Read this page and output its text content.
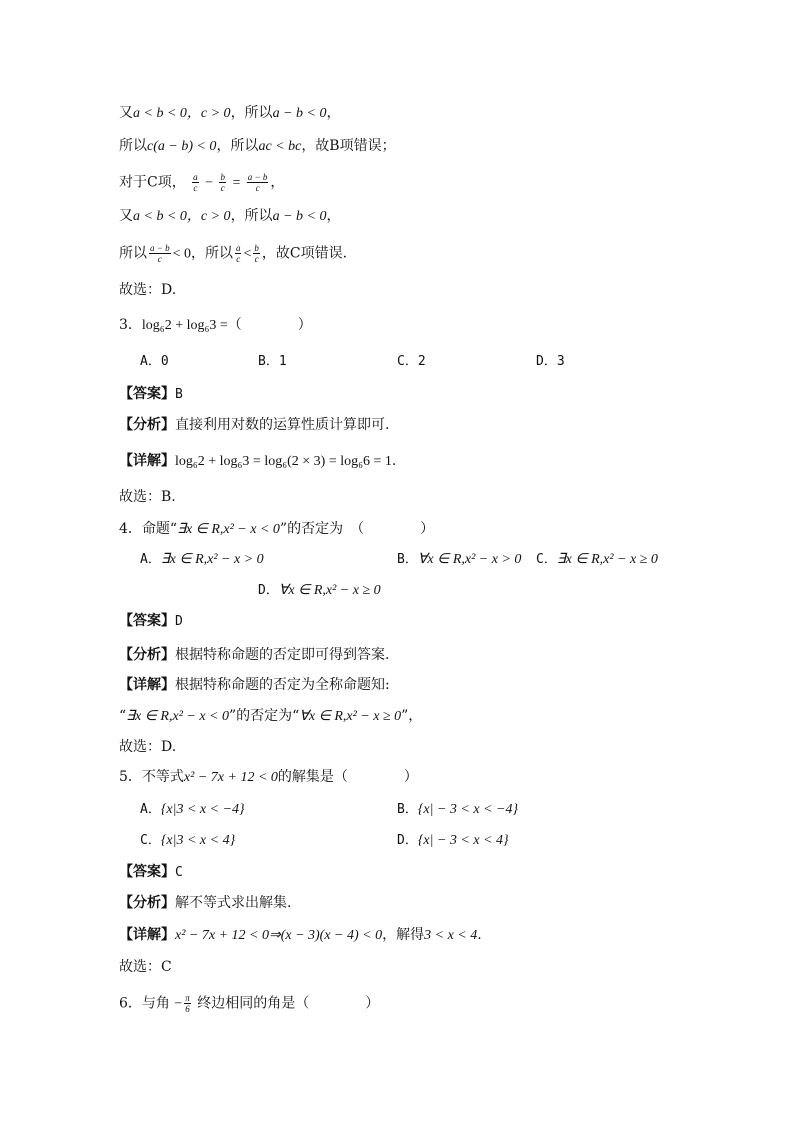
又a < b < 0，c > 0，所以a − b < 0，
所以c(a − b) < 0，所以ac < bc，故B项错误；
对于C项， $\frac{a}{c} - \frac{b}{c} = \frac{a - b}{c}$ ，
又a < b < 0，c > 0，所以a − b < 0，
所以 $\frac{a - b}{c} < 0$，所以 $\frac{a}{c} < \frac{b}{c}$ ，故C项错误.
故选：D.
3．log₆2 + log₆3 =（　　　　）
A．0	B．1	C．2	D．3
【答案】B
【分析】直接利用对数的运算性质计算即可.
【详解】log₆2 + log₆3 = log₆(2 × 3) = log₆6 = 1.
故选：B.
4．命题“∃x ∈ R,x² − x < 0”的否定为　（　　　　）
A．∃x ∈ R,x² − x > 0	B．∀x ∈ R,x² − x > 0 C．∃x ∈ R,x² − x ≥ 0
D．∀x ∈ R,x² − x ≥ 0
【答案】D
【分析】根据特称命题的否定即可得到答案.
【详解】根据特称命题的否定为全称命题知:
“∃x ∈ R,x² − x < 0”的否定为“∀x ∈ R,x² − x ≥ 0”，
故选：D.
5．不等式x² − 7x + 12 < 0的解集是（　　　　）
A．{x|3 < x < −4}	B．{x| − 3 < x < −4}
C．{x|3 < x < 4}	D．{x| − 3 < x < 4}
【答案】C
【分析】解不等式求出解集.
【详解】x² − 7x + 12 < 0⇒(x − 3)(x − 4) < 0，解得3 < x < 4.
故选：C
6．与角 − $\frac{\pi}{6}$ 终边相同的角是（　　　　）
